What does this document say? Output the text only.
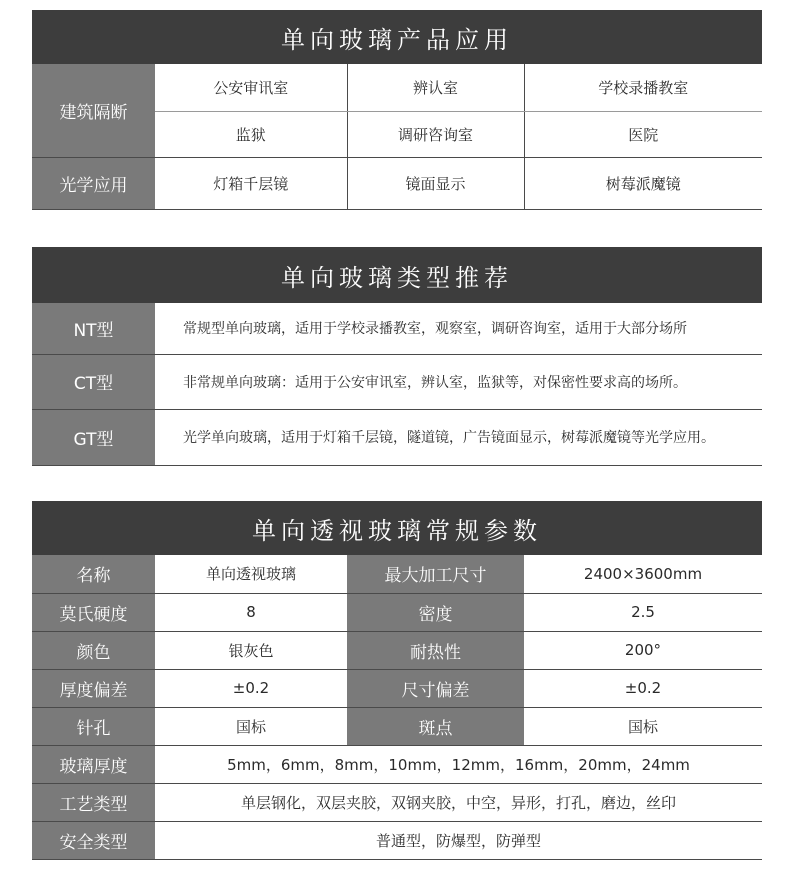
单向玻璃产品应用
建筑隔断	公安审讯室	辨认室	学校录播教室
	监狱	调研咨询室	医院
光学应用	灯箱千层镜	镜面显示	树莓派魔镜
单向玻璃类型推荐
NT型	常规型单向玻璃，适用于学校录播教室，观察室，调研咨询室，适用于大部分场所
CT型	非常规单向玻璃：适用于公安审讯室，辨认室，监狱等，对保密性要求高的场所。
GT型	光学单向玻璃，适用于灯箱千层镜，隧道镜，广告镜面显示，树莓派魔镜等光学应用。
单向透视玻璃常规参数
名称	单向透视玻璃	最大加工尺寸	2400×3600mm
莫氏硬度	8	密度	2.5
颜色	银灰色	耐热性	200°
厚度偏差	±0.2	尺寸偏差	±0.2
针孔	国标	斑点	国标
玻璃厚度	5mm，6mm，8mm，10mm，12mm，16mm，20mm，24mm		
工艺类型	单层钢化，双层夹胶，双钢夹胶，中空，异形，打孔，磨边，丝印		
安全类型	普通型，防爆型，防弹型		
